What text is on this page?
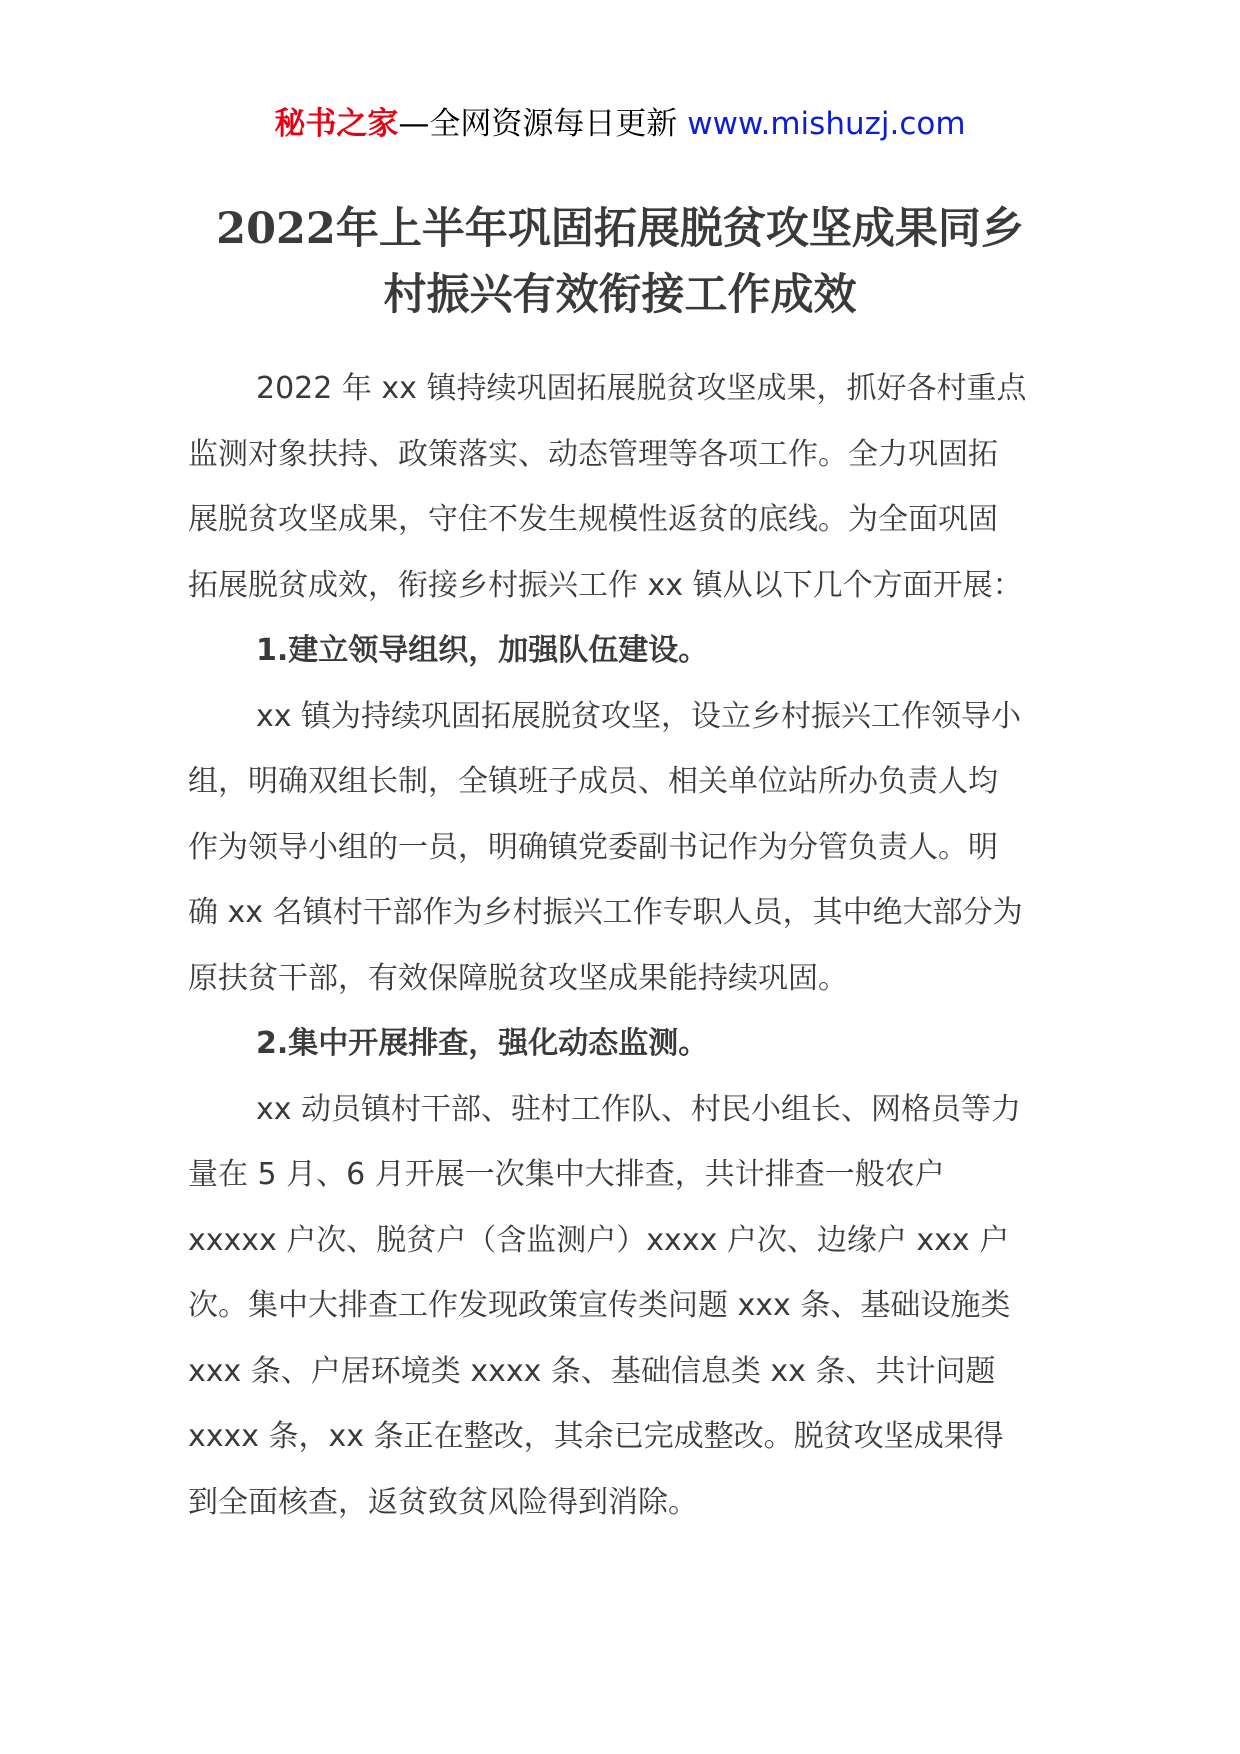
秘书之家—全网资源每日更新 www.mishuzj.com
2022年上半年巩固拓展脱贫攻坚成果同乡
村振兴有效衔接工作成效
2022 年 xx 镇持续巩固拓展脱贫攻坚成果，抓好各村重点
监测对象扶持、政策落实、动态管理等各项工作。全力巩固拓
展脱贫攻坚成果，守住不发生规模性返贫的底线。为全面巩固
拓展脱贫成效，衔接乡村振兴工作 xx 镇从以下几个方面开展：
1.建立领导组织，加强队伍建设。
xx 镇为持续巩固拓展脱贫攻坚，设立乡村振兴工作领导小
组，明确双组长制，全镇班子成员、相关单位站所办负责人均
作为领导小组的一员，明确镇党委副书记作为分管负责人。明
确 xx 名镇村干部作为乡村振兴工作专职人员，其中绝大部分为
原扶贫干部，有效保障脱贫攻坚成果能持续巩固。
2.集中开展排查，强化动态监测。
xx 动员镇村干部、驻村工作队、村民小组长、网格员等力
量在 5 月、6 月开展一次集中大排查，共计排查一般农户
xxxxx 户次、脱贫户（含监测户）xxxx 户次、边缘户 xxx 户
次。集中大排查工作发现政策宣传类问题 xxx 条、基础设施类
xxx 条、户居环境类 xxxx 条、基础信息类 xx 条、共计问题
xxxx 条，xx 条正在整改，其余已完成整改。脱贫攻坚成果得
到全面核查，返贫致贫风险得到消除。
